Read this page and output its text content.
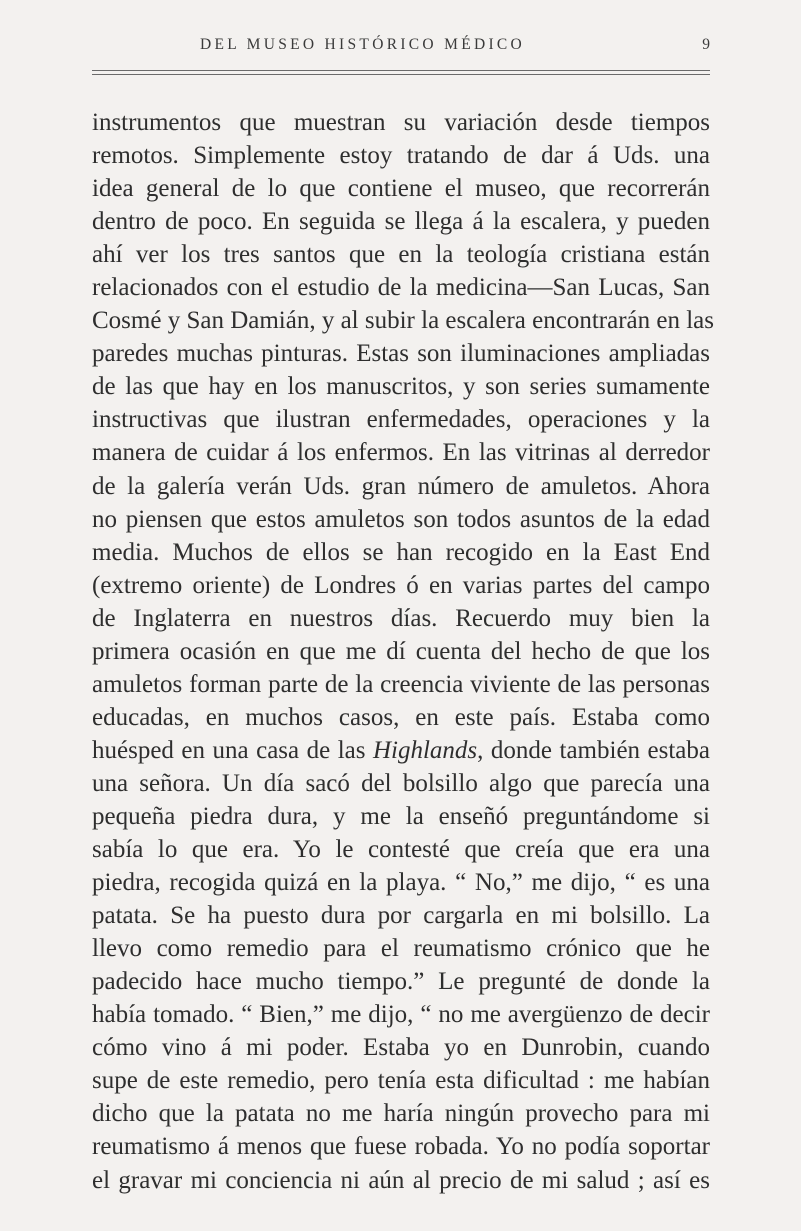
DEL MUSEO HISTÓRICO MÉDICO	9
instrumentos que muestran su variación desde tiempos
remotos. Simplemente estoy tratando de dar á Uds. una
idea general de lo que contiene el museo, que recorrerán
dentro de poco. En seguida se llega á la escalera, y pueden
ahí ver los tres santos que en la teología cristiana están
relacionados con el estudio de la medicina—San Lucas, San
Cosmé y San Damián, y al subir la escalera encontrarán en las
paredes muchas pinturas. Estas son iluminaciones ampliadas
de las que hay en los manuscritos, y son series sumamente
instructivas que ilustran enfermedades, operaciones y la
manera de cuidar á los enfermos. En las vitrinas al derredor
de la galería verán Uds. gran número de amuletos. Ahora
no piensen que estos amuletos son todos asuntos de la edad
media. Muchos de ellos se han recogido en la East End
(extremo oriente) de Londres ó en varias partes del campo
de Inglaterra en nuestros días. Recuerdo muy bien la
primera ocasión en que me dí cuenta del hecho de que los
amuletos forman parte de la creencia viviente de las personas
educadas, en muchos casos, en este país. Estaba como
huésped en una casa de las Highlands, donde también estaba
una señora. Un día sacó del bolsillo algo que parecía una
pequeña piedra dura, y me la enseñó preguntándome si
sabía lo que era. Yo le contesté que creía que era una
piedra, recogida quizá en la playa. “ No,” me dijo, “ es una
patata. Se ha puesto dura por cargarla en mi bolsillo. La
llevo como remedio para el reumatismo crónico que he
padecido hace mucho tiempo.” Le pregunté de donde la
había tomado. “ Bien,” me dijo, “ no me avergüenzo de decir
cómo vino á mi poder. Estaba yo en Dunrobin, cuando
supe de este remedio, pero tenía esta dificultad : me habían
dicho que la patata no me haría ningún provecho para mi
reumatismo á menos que fuese robada. Yo no podía soportar
el gravar mi conciencia ni aún al precio de mi salud ; así es
